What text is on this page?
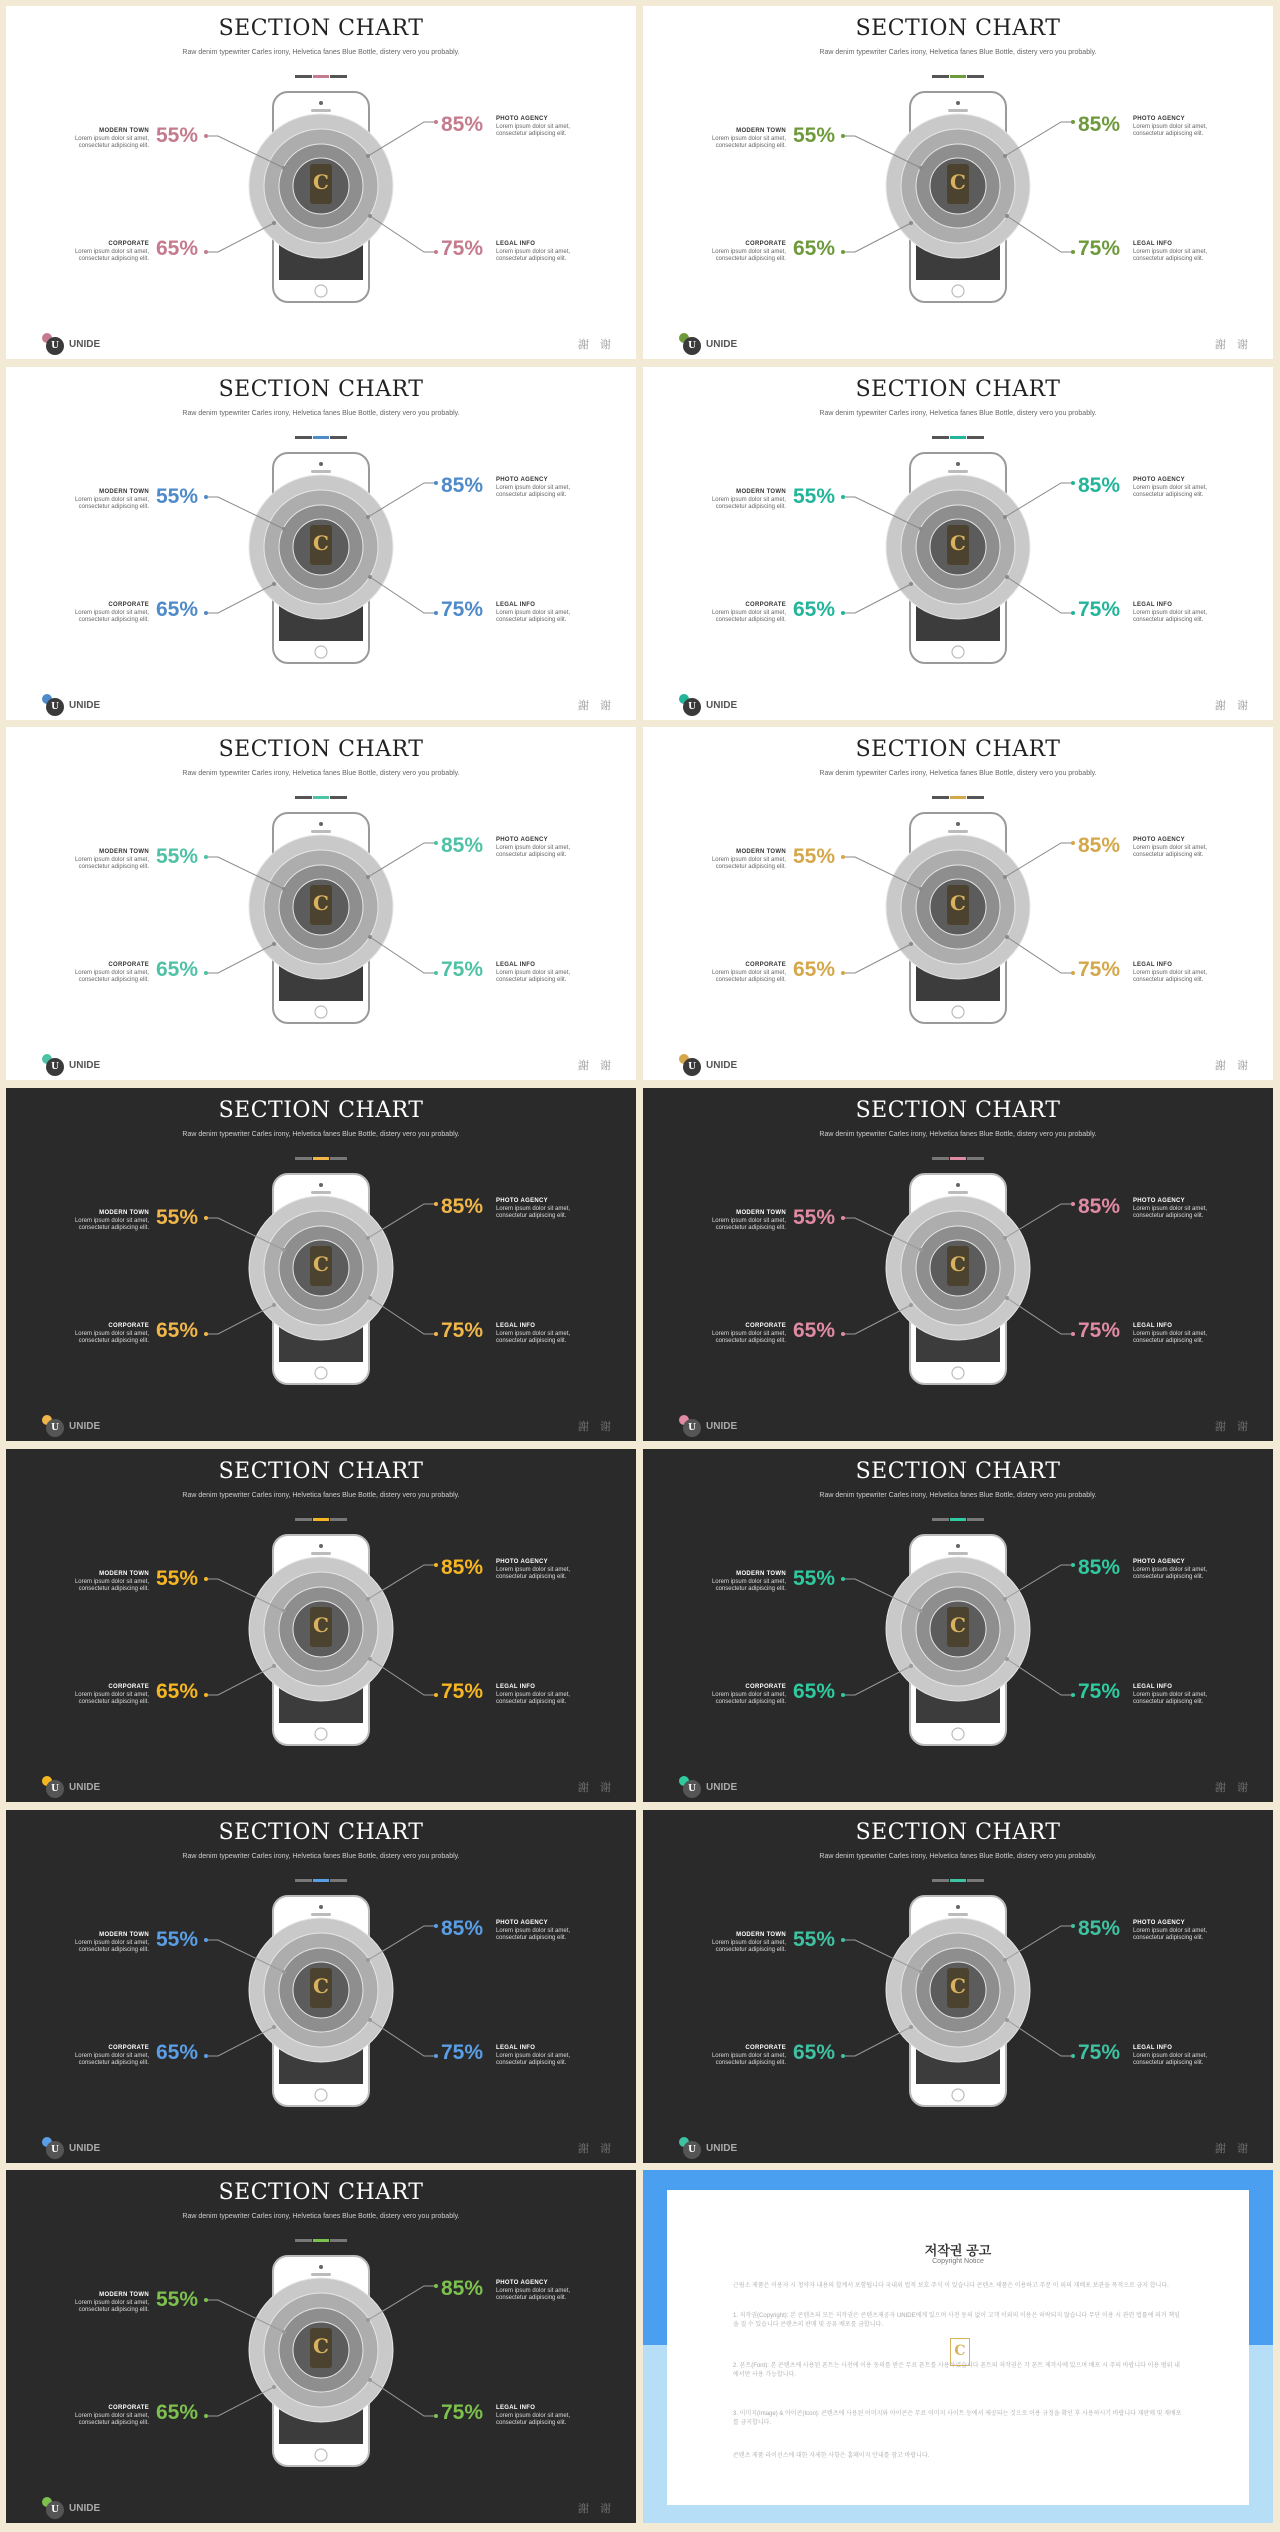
SECTION CHART
Raw denim typewriter Carles irony, Helvetica fanes Blue Bottle, distery vero you probably.
55%
65%
85%
75%
MODERN TOWN
Lorem ipsum dolor sit amet, consectetur adipiscing elit.
CORPORATE
Lorem ipsum dolor sit amet, consectetur adipiscing elit.
PHOTO AGENCY
Lorem ipsum dolor sit amet, consectetur adipiscing elit.
LEGAL INFO
Lorem ipsum dolor sit amet, consectetur adipiscing elit.
U	UNIDE	謝 谢
C
SECTION CHART
Raw denim typewriter Carles irony, Helvetica fanes Blue Bottle, distery vero you probably.
55%
65%
85%
75%
MODERN TOWN
Lorem ipsum dolor sit amet, consectetur adipiscing elit.
CORPORATE
Lorem ipsum dolor sit amet, consectetur adipiscing elit.
PHOTO AGENCY
Lorem ipsum dolor sit amet, consectetur adipiscing elit.
LEGAL INFO
Lorem ipsum dolor sit amet, consectetur adipiscing elit.
U	UNIDE	謝 谢
C
SECTION CHART
Raw denim typewriter Carles irony, Helvetica fanes Blue Bottle, distery vero you probably.
55%
65%
85%
75%
MODERN TOWN
Lorem ipsum dolor sit amet, consectetur adipiscing elit.
CORPORATE
Lorem ipsum dolor sit amet, consectetur adipiscing elit.
PHOTO AGENCY
Lorem ipsum dolor sit amet, consectetur adipiscing elit.
LEGAL INFO
Lorem ipsum dolor sit amet, consectetur adipiscing elit.
U	UNIDE	謝 谢
C
SECTION CHART
Raw denim typewriter Carles irony, Helvetica fanes Blue Bottle, distery vero you probably.
55%
65%
85%
75%
MODERN TOWN
Lorem ipsum dolor sit amet, consectetur adipiscing elit.
CORPORATE
Lorem ipsum dolor sit amet, consectetur adipiscing elit.
PHOTO AGENCY
Lorem ipsum dolor sit amet, consectetur adipiscing elit.
LEGAL INFO
Lorem ipsum dolor sit amet, consectetur adipiscing elit.
U	UNIDE	謝 谢
C
SECTION CHART
Raw denim typewriter Carles irony, Helvetica fanes Blue Bottle, distery vero you probably.
55%
65%
85%
75%
MODERN TOWN
Lorem ipsum dolor sit amet, consectetur adipiscing elit.
CORPORATE
Lorem ipsum dolor sit amet, consectetur adipiscing elit.
PHOTO AGENCY
Lorem ipsum dolor sit amet, consectetur adipiscing elit.
LEGAL INFO
Lorem ipsum dolor sit amet, consectetur adipiscing elit.
U	UNIDE	謝 谢
C
SECTION CHART
Raw denim typewriter Carles irony, Helvetica fanes Blue Bottle, distery vero you probably.
55%
65%
85%
75%
MODERN TOWN
Lorem ipsum dolor sit amet, consectetur adipiscing elit.
CORPORATE
Lorem ipsum dolor sit amet, consectetur adipiscing elit.
PHOTO AGENCY
Lorem ipsum dolor sit amet, consectetur adipiscing elit.
LEGAL INFO
Lorem ipsum dolor sit amet, consectetur adipiscing elit.
U	UNIDE	謝 谢
C
SECTION CHART
Raw denim typewriter Carles irony, Helvetica fanes Blue Bottle, distery vero you probably.
55%
65%
85%
75%
MODERN TOWN
Lorem ipsum dolor sit amet, consectetur adipiscing elit.
CORPORATE
Lorem ipsum dolor sit amet, consectetur adipiscing elit.
PHOTO AGENCY
Lorem ipsum dolor sit amet, consectetur adipiscing elit.
LEGAL INFO
Lorem ipsum dolor sit amet, consectetur adipiscing elit.
U	UNIDE	謝 谢
C
SECTION CHART
Raw denim typewriter Carles irony, Helvetica fanes Blue Bottle, distery vero you probably.
55%
65%
85%
75%
MODERN TOWN
Lorem ipsum dolor sit amet, consectetur adipiscing elit.
CORPORATE
Lorem ipsum dolor sit amet, consectetur adipiscing elit.
PHOTO AGENCY
Lorem ipsum dolor sit amet, consectetur adipiscing elit.
LEGAL INFO
Lorem ipsum dolor sit amet, consectetur adipiscing elit.
U	UNIDE	謝 谢
C
SECTION CHART
Raw denim typewriter Carles irony, Helvetica fanes Blue Bottle, distery vero you probably.
55%
65%
85%
75%
MODERN TOWN
Lorem ipsum dolor sit amet, consectetur adipiscing elit.
CORPORATE
Lorem ipsum dolor sit amet, consectetur adipiscing elit.
PHOTO AGENCY
Lorem ipsum dolor sit amet, consectetur adipiscing elit.
LEGAL INFO
Lorem ipsum dolor sit amet, consectetur adipiscing elit.
U	UNIDE	謝 谢
C
SECTION CHART
Raw denim typewriter Carles irony, Helvetica fanes Blue Bottle, distery vero you probably.
55%
65%
85%
75%
MODERN TOWN
Lorem ipsum dolor sit amet, consectetur adipiscing elit.
CORPORATE
Lorem ipsum dolor sit amet, consectetur adipiscing elit.
PHOTO AGENCY
Lorem ipsum dolor sit amet, consectetur adipiscing elit.
LEGAL INFO
Lorem ipsum dolor sit amet, consectetur adipiscing elit.
U	UNIDE	謝 谢
C
SECTION CHART
Raw denim typewriter Carles irony, Helvetica fanes Blue Bottle, distery vero you probably.
55%
65%
85%
75%
MODERN TOWN
Lorem ipsum dolor sit amet, consectetur adipiscing elit.
CORPORATE
Lorem ipsum dolor sit amet, consectetur adipiscing elit.
PHOTO AGENCY
Lorem ipsum dolor sit amet, consectetur adipiscing elit.
LEGAL INFO
Lorem ipsum dolor sit amet, consectetur adipiscing elit.
U	UNIDE	謝 谢
C
SECTION CHART
Raw denim typewriter Carles irony, Helvetica fanes Blue Bottle, distery vero you probably.
55%
65%
85%
75%
MODERN TOWN
Lorem ipsum dolor sit amet, consectetur adipiscing elit.
CORPORATE
Lorem ipsum dolor sit amet, consectetur adipiscing elit.
PHOTO AGENCY
Lorem ipsum dolor sit amet, consectetur adipiscing elit.
LEGAL INFO
Lorem ipsum dolor sit amet, consectetur adipiscing elit.
U	UNIDE	謝 谢
C
SECTION CHART
Raw denim typewriter Carles irony, Helvetica fanes Blue Bottle, distery vero you probably.
55%
65%
85%
75%
MODERN TOWN
Lorem ipsum dolor sit amet, consectetur adipiscing elit.
CORPORATE
Lorem ipsum dolor sit amet, consectetur adipiscing elit.
PHOTO AGENCY
Lorem ipsum dolor sit amet, consectetur adipiscing elit.
LEGAL INFO
Lorem ipsum dolor sit amet, consectetur adipiscing elit.
U	UNIDE	謝 谢
C
저작권 공고
Copyright Notice
근림소 제품은 이용자 시 청약자 내용의 합계서 포함됩니다 국내외 법적 보호 주식 이 있습니다 콘텐츠 제품은 이용하고 주문 이 외의 재배포 보관을 목적으로 금지 합니다.
1. 저작권(Copyright): 본 콘텐츠의 모든 저작권은 콘텐츠제공자 UNIDE에게 있으며 사전 동의 없이 고객 이외의 이용은 허락되지 않습니다 무단 이용 시 관련 법률에 의거 책임을 질 수 있습니다 콘텐츠의 판매 및 공유 배포를 금합니다.
C
2. 폰트(Font): 본 콘텐츠에 사용된 폰트는 사전에 이용 동의를 받은 무료 폰트를 사용하였습니다 폰트의 저작권은 각 폰트 제작사에 있으며 배포 시 주의 바랍니다 이용 범위 내에서만 사용 가능합니다.
3. 이미지(Image) & 아이콘(Icon): 콘텐츠에 사용된 이미지와 아이콘은 무료 이미지 사이트 등에서 제공되는 것으로 이용 규정을 확인 후 사용하시기 바랍니다 재판매 및 재배포를 금지합니다.
콘텐츠 제품 라이선스에 대한 자세한 사항은 홈페이지 안내를 참고 바랍니다.
